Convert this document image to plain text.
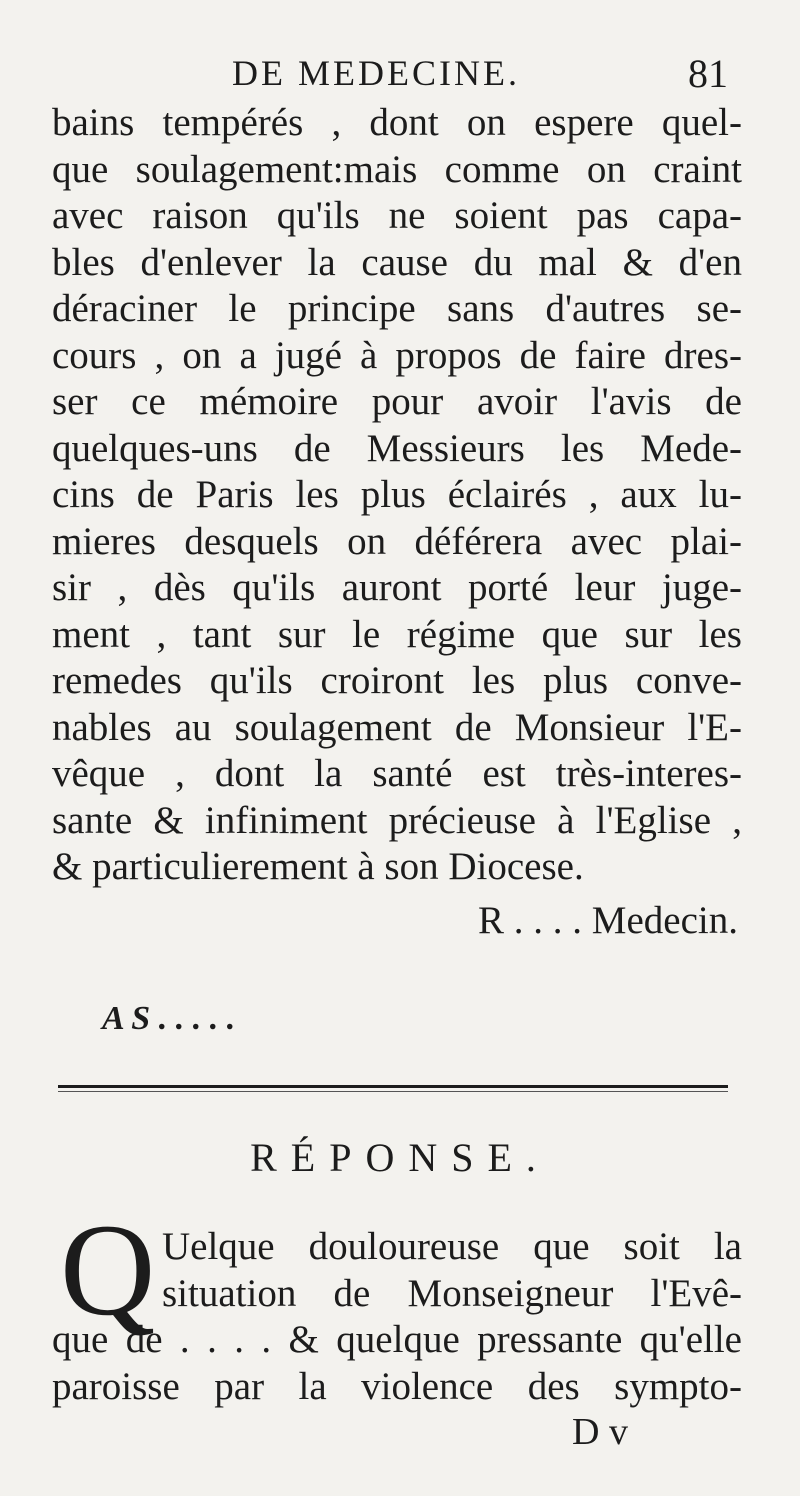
DE MEDECINE.	81
bains tempérés , dont on espere quel-
que soulagement:mais comme on craint
avec raison qu'ils ne soient pas capa-
bles d'enlever la cause du mal & d'en
déraciner le principe sans d'autres se-
cours , on a jugé à propos de faire dres-
ser ce mémoire pour avoir l'avis de
quelques-uns de Messieurs les Mede-
cins de Paris les plus éclairés , aux lu-
mieres desquels on déférera avec plai-
sir , dès qu'ils auront porté leur juge-
ment , tant sur le régime que sur les
remedes qu'ils croiront les plus conve-
nables au soulagement de Monsieur l'E-
vêque , dont la santé est très-interes-
sante & infiniment précieuse à l'Eglise ,
& particulierement à son Diocese.
R . . . . Medecin.
A S . . . . .
RÉPONSE.
Q Uelque douloureuse que soit la
situation de Monseigneur l'Evê-
que de . . . . & quelque pressante qu'elle
paroisse par la violence des sympto-
D v
